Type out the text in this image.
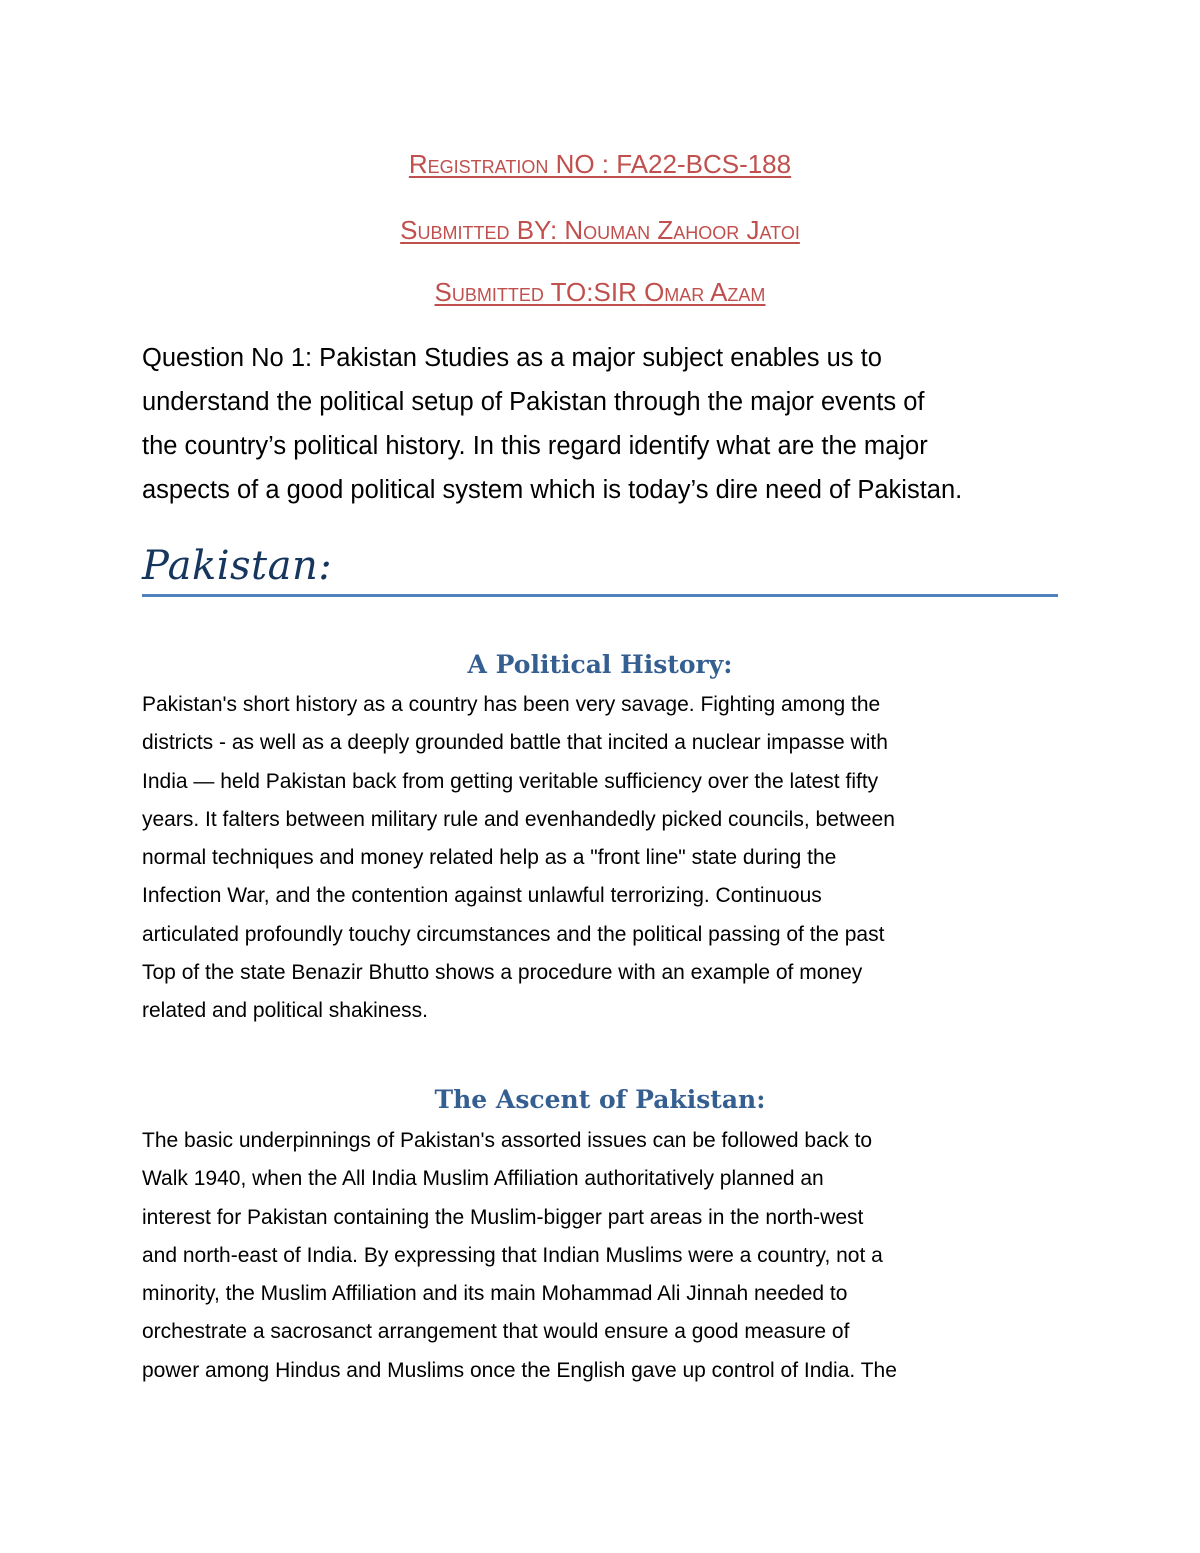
Registration NO : FA22-BCS-188
Submitted BY: Nouman Zahoor Jatoi
Submitted TO:SIR Omar Azam

Question No 1: Pakistan Studies as a major subject enables us to
understand the political setup of Pakistan through the major events of
the country’s political history. In this regard identify what are the major
aspects of a good political system which is today’s dire need of Pakistan.

Pakistan:
A Political History:

Pakistan's short history as a country has been very savage. Fighting among the
districts - as well as a deeply grounded battle that incited a nuclear impasse with
India — held Pakistan back from getting veritable sufficiency over the latest fifty
years. It falters between military rule and evenhandedly picked councils, between
normal techniques and money related help as a "front line" state during the
Infection War, and the contention against unlawful terrorizing. Continuous
articulated profoundly touchy circumstances and the political passing of the past
Top of the state Benazir Bhutto shows a procedure with an example of money
related and political shakiness.

The Ascent of Pakistan:

The basic underpinnings of Pakistan's assorted issues can be followed back to
Walk 1940, when the All India Muslim Affiliation authoritatively planned an
interest for Pakistan containing the Muslim-bigger part areas in the north-west
and north-east of India. By expressing that Indian Muslims were a country, not a
minority, the Muslim Affiliation and its main Mohammad Ali Jinnah needed to
orchestrate a sacrosanct arrangement that would ensure a good measure of
power among Hindus and Muslims once the English gave up control of India. The
